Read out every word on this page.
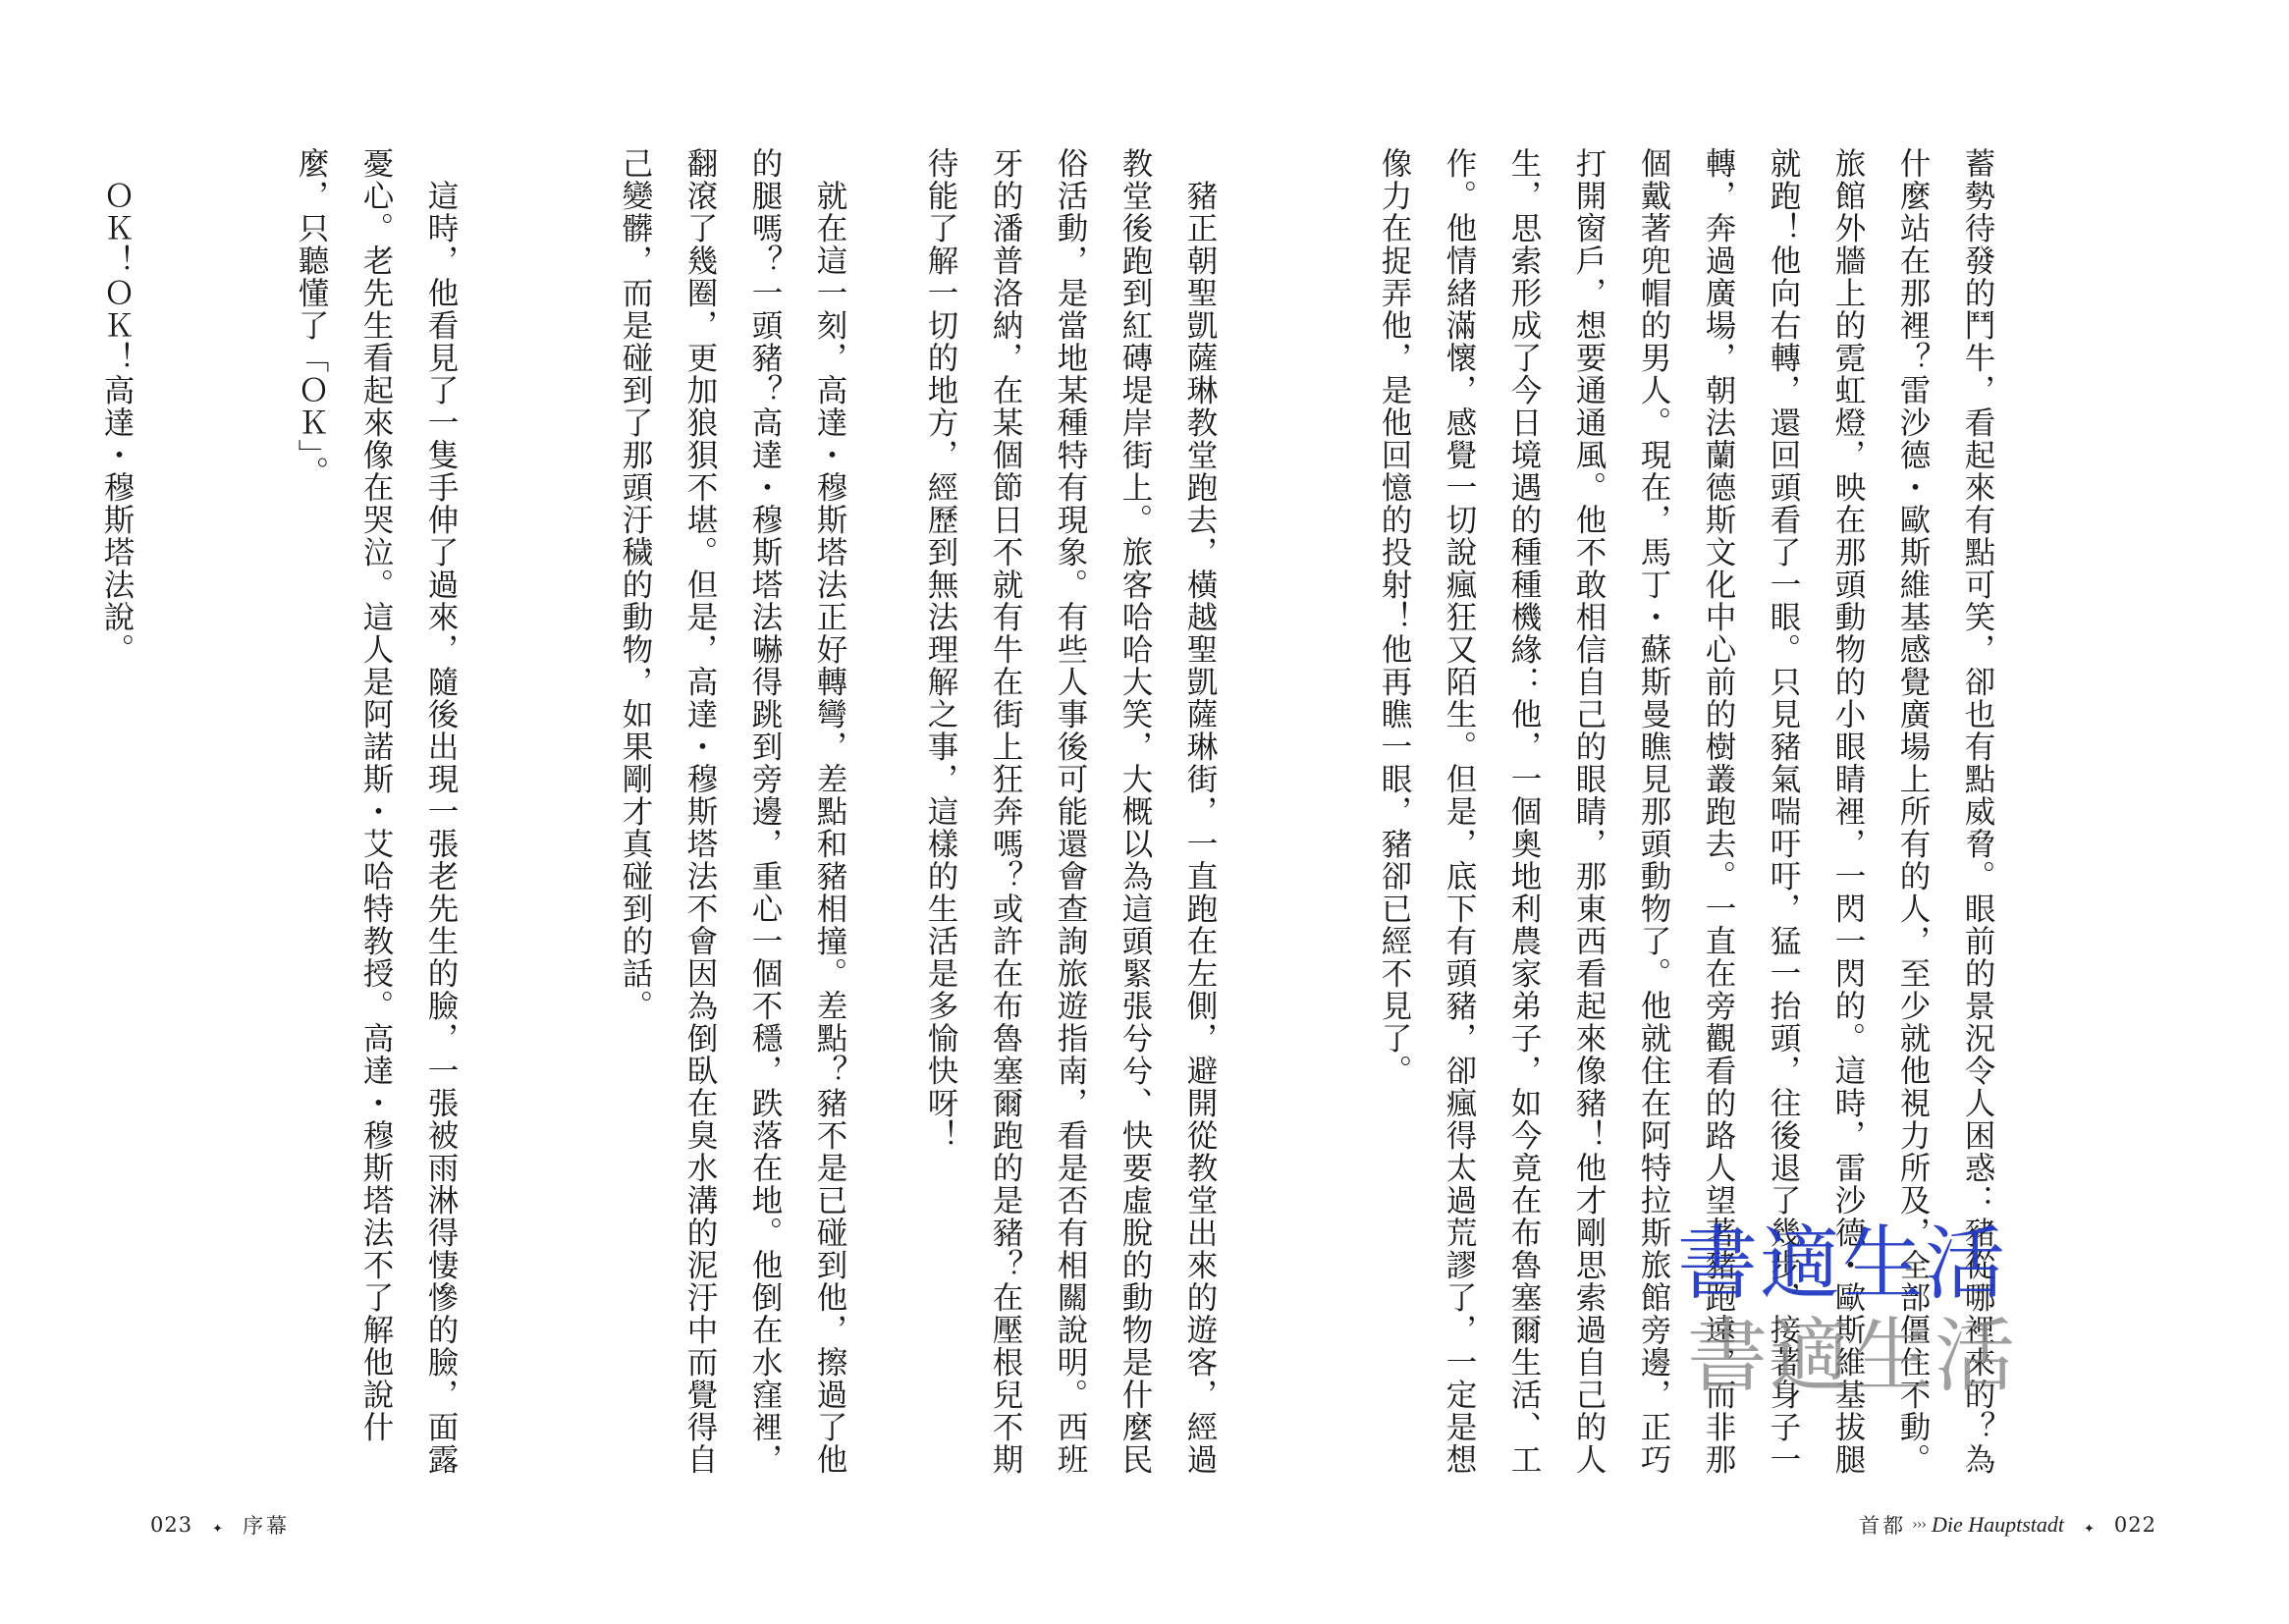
蓄勢待發的鬥牛，看起來有點可笑，卻也有點威脅。眼前的景況令人困惑：豬從哪裡來的？為什麼站在那裡？雷沙德・歐斯維基感覺廣場上所有的人，至少就他視力所及，全部僵住不動。旅館外牆上的霓虹燈，映在那頭動物的小眼睛裡，一閃一閃的。這時，雷沙德・歐斯維基拔腿就跑！他向右轉，還回頭看了一眼。只見豬氣喘吁吁，猛一抬頭，往後退了幾步，接著身子一轉，奔過廣場，朝法蘭德斯文化中心前的樹叢跑去。一直在旁觀看的路人望著豬跑遠，而非那個戴著兜帽的男人。現在，馬丁・蘇斯曼瞧見那頭動物了。他就住在阿特拉斯旅館旁邊，正巧打開窗戶，想要通通風。他不敢相信自己的眼睛，那東西看起來像豬！他才剛思索過自己的人生，思索形成了今日境遇的種種機緣：他，一個奧地利農家弟子，如今竟在布魯塞爾生活、工作。他情緒滿懷，感覺一切說瘋狂又陌生。但是，底下有頭豬，卻瘋得太過荒謬了，一定是想像力在捉弄他，是他回憶的投射！他再瞧一眼，豬卻已經不見了。

　豬正朝聖凱薩琳教堂跑去，橫越聖凱薩琳街，一直跑在左側，避開從教堂出來的遊客，經過教堂後跑到紅磚堤岸街上。旅客哈哈大笑，大概以為這頭緊張兮兮、快要虛脫的動物是什麼民俗活動，是當地某種特有現象。有些人事後可能還會查詢旅遊指南，看是否有相關說明。西班牙的潘普洛納，在某個節日不就有牛在街上狂奔嗎？或許在布魯塞爾跑的是豬？在壓根兒不期待能了解一切的地方，經歷到無法理解之事，這樣的生活是多愉快呀！

首都 ››› Die Hauptstadt ✦ 022

　就在這一刻，高達・穆斯塔法正好轉彎，差點和豬相撞。差點？豬不是已碰到他，擦過了他的腿嗎？一頭豬？高達・穆斯塔法嚇得跳到旁邊，重心一個不穩，跌落在地。他倒在水窪裡，翻滾了幾圈，更加狼狽不堪。但是，高達・穆斯塔法不會因為倒臥在臭水溝的泥汙中而覺得自己變髒，而是碰到了那頭汙穢的動物，如果剛才真碰到的話。

　這時，他看見了一隻手伸了過來，隨後出現一張老先生的臉，一張被雨淋得悽慘的臉，面露憂心。老先生看起來像在哭泣。這人是阿諾斯・艾哈特教授。高達・穆斯塔法不了解他說什麼，只聽懂了「ＯＫ」。

　ＯＫ！ＯＫ！高達・穆斯塔法說。

023 ✦ 序幕
書適生活
書適生活
